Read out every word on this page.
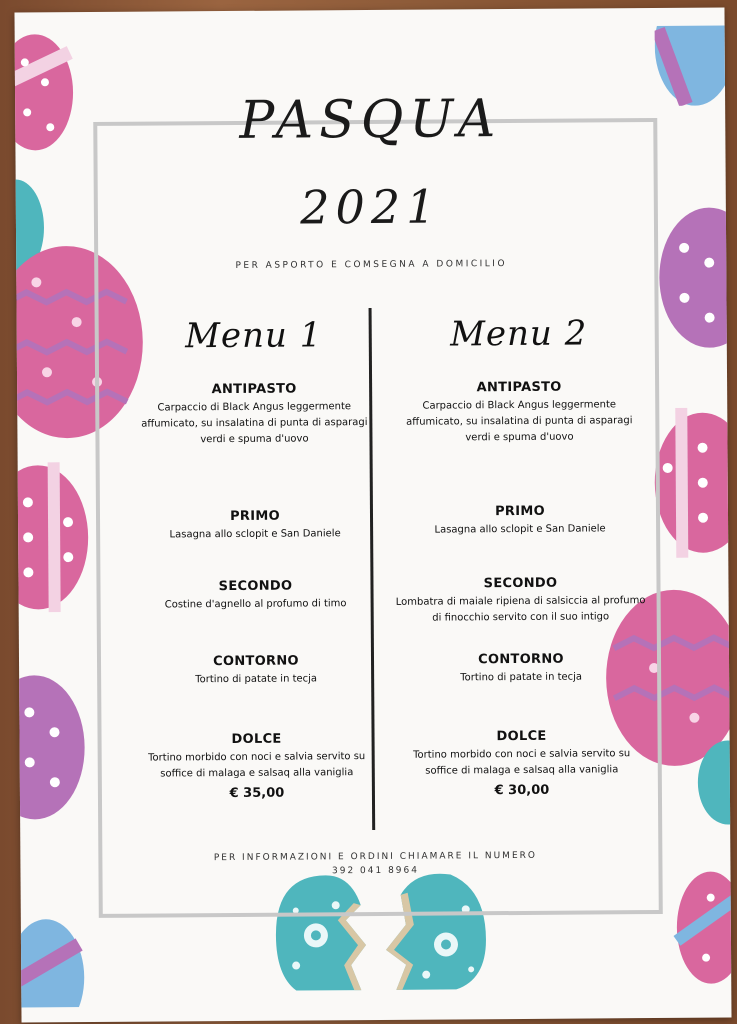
PASQUA
2021
PER ASPORTO E COMSEGNA A DOMICILIO
Menu 1
ANTIPASTO

Carpaccio di Black Angus leggermente affumicato, su insalatina di punta di asparagi verdi e spuma d'uovo

PRIMO

Lasagna allo sclopit e San Daniele

SECONDO

Costine d'agnello al profumo di timo

CONTORNO

Tortino di patate in tecja

DOLCE

Tortino morbido con noci e salvia servito su soffice di malaga e salsaq alla vaniglia

€ 35,00
Menu 2
ANTIPASTO

Carpaccio di Black Angus leggermente affumicato, su insalatina di punta di asparagi verdi e spuma d'uovo

PRIMO

Lasagna allo sclopit e San Daniele

SECONDO

Lombatra di maiale ripiena di salsiccia al profumo di finocchio servito con il suo intigo

CONTORNO

Tortino di patate in tecja

DOLCE

Tortino morbido con noci e salvia servito su soffice di malaga e salsaq alla vaniglia

€ 30,00
PER INFORMAZIONI E ORDINI CHIAMARE IL NUMERO
392 041 8964
